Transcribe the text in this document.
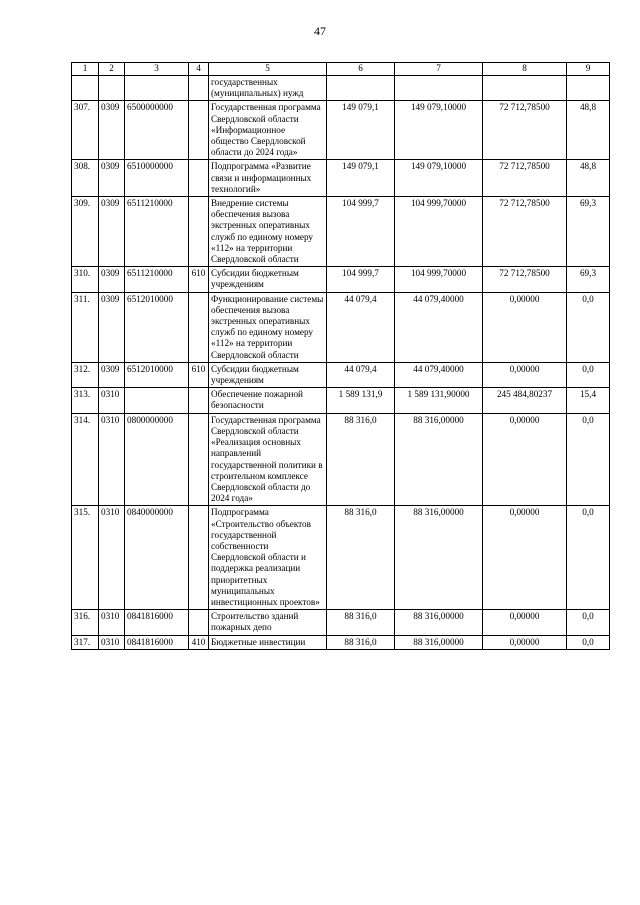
47
1	2	3	4	5	6	7	8	9
				государственных (муниципальных) нужд				
307.	0309	6500000000		Государственная программа Свердловской области «Информационное общество Свердловской области до 2024 года»	149 079,1	149 079,10000	72 712,78500	48,8
308.	0309	6510000000		Подпрограмма «Развитие связи и информационных технологий»	149 079,1	149 079,10000	72 712,78500	48,8
309.	0309	6511210000		Внедрение системы обеспечения вызова экстренных оперативных служб по единому номеру «112» на территории Свердловской области	104 999,7	104 999,70000	72 712,78500	69,3
310.	0309	6511210000	610	Субсидии бюджетным учреждениям	104 999,7	104 999,70000	72 712,78500	69,3
311.	0309	6512010000		Функционирование системы обеспечения вызова экстренных оперативных служб по единому номеру «112» на территории Свердловской области	44 079,4	44 079,40000	0,00000	0,0
312.	0309	6512010000	610	Субсидии бюджетным учреждениям	44 079,4	44 079,40000	0,00000	0,0
313.	0310			Обеспечение пожарной безопасности	1 589 131,9	1 589 131,90000	245 484,80237	15,4
314.	0310	0800000000		Государственная программа Свердловской области «Реализация основных направлений государственной политики в строительном комплексе Свердловской области до 2024 года»	88 316,0	88 316,00000	0,00000	0,0
315.	0310	0840000000		Подпрограмма «Строительство объектов государственной собственности Свердловской области и поддержка реализации приоритетных муниципальных инвестиционных проектов»	88 316,0	88 316,00000	0,00000	0,0
316.	0310	0841816000		Строительство зданий пожарных депо	88 316,0	88 316,00000	0,00000	0,0
317.	0310	0841816000	410	Бюджетные инвестиции	88 316,0	88 316,00000	0,00000	0,0
